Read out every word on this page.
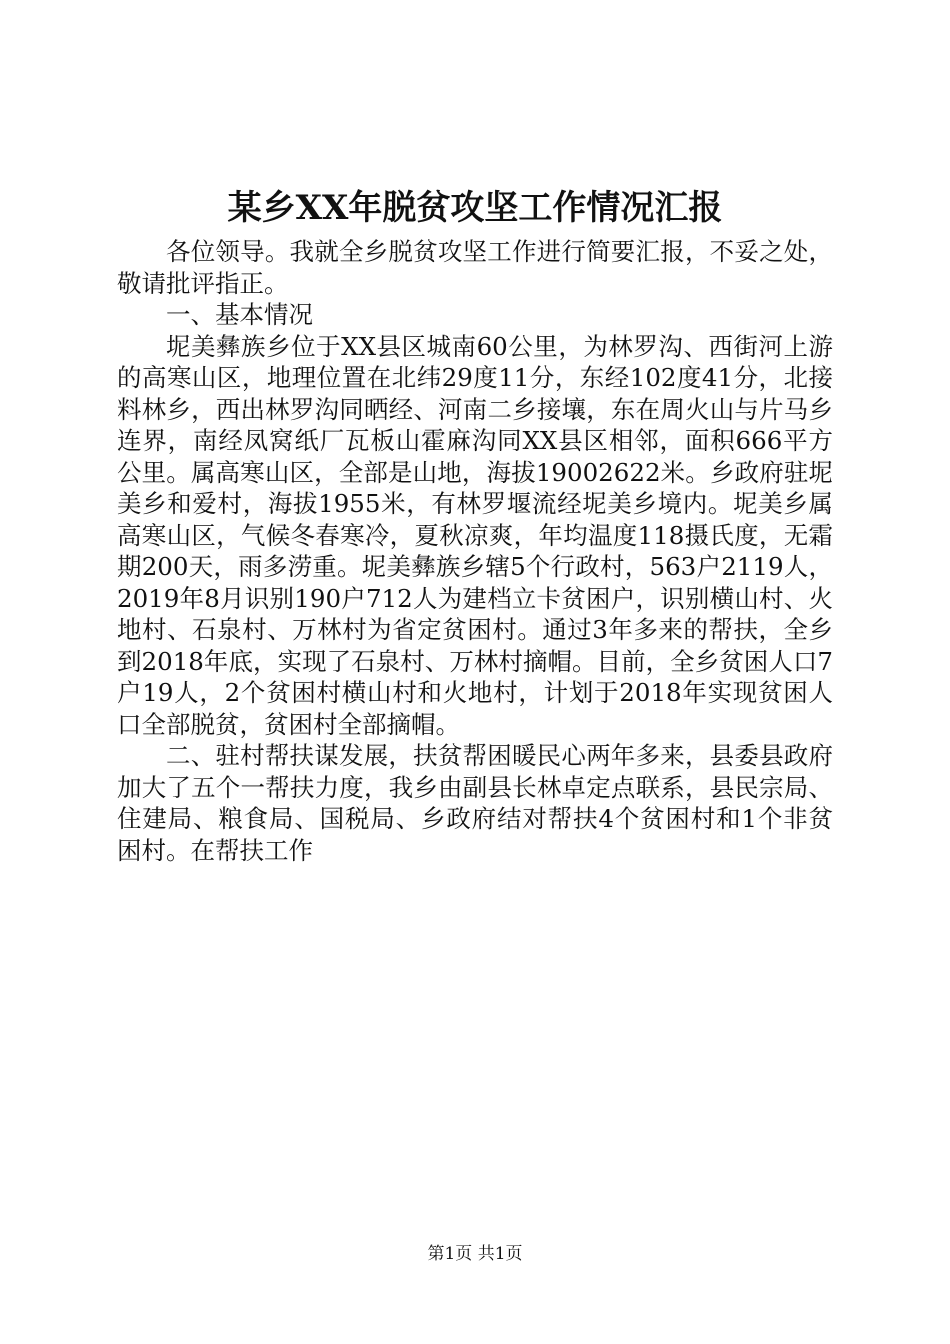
某乡XX年脱贫攻坚工作情况汇报

各位领导。我就全乡脱贫攻坚工作进行简要汇报，不妥之处，敬请批评指正。

一、基本情况

坭美彝族乡位于XX县区城南60公里，为林罗沟、西街河上游的高寒山区，地理位置在北纬29度11分，东经102度41分，北接料林乡，西出林罗沟同晒经、河南二乡接壤，东在周火山与片马乡连界，南经凤窝纸厂瓦板山霍麻沟同XX县区相邻，面积666平方公里。属高寒山区，全部是山地，海拔19002622米。乡政府驻坭美乡和爱村，海拔1955米，有林罗堰流经坭美乡境内。坭美乡属高寒山区，气候冬春寒冷，夏秋凉爽，年均温度118摄氏度，无霜期200天，雨多涝重。坭美彝族乡辖5个行政村，563户2119人，2019年8月识别190户712人为建档立卡贫困户，识别横山村、火地村、石泉村、万林村为省定贫困村。通过3年多来的帮扶，全乡到2018年底，实现了石泉村、万林村摘帽。目前，全乡贫困人口7户19人，2个贫困村横山村和火地村，计划于2018年实现贫困人口全部脱贫，贫困村全部摘帽。

二、驻村帮扶谋发展，扶贫帮困暖民心两年多来，县委县政府加大了五个一帮扶力度，我乡由副县长林卓定点联系，县民宗局、住建局、粮食局、国税局、乡政府结对帮扶4个贫困村和1个非贫困村。在帮扶工作

第1页 共1页
